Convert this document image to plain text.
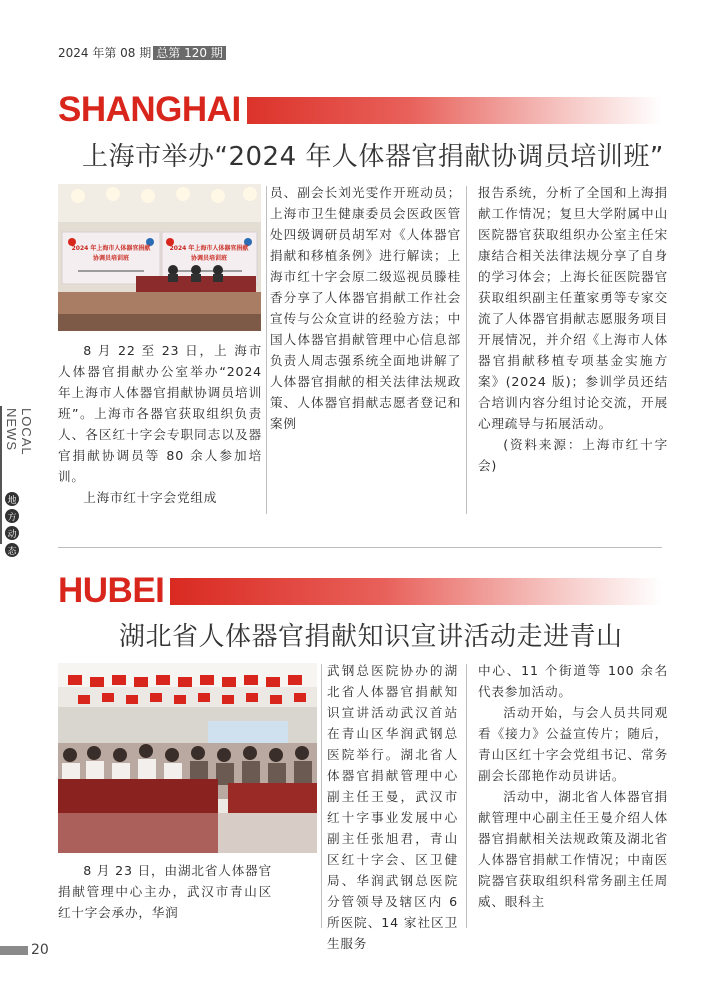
2024 年第 08 期 总第 120 期
LOCAL NEWS
地
方
动
态
SHANGHAI
上海市举办“2024 年人体器官捐献协调员培训班”
2024 年上海市人体器官捐献
协调员培训班
2024 年上海市人体器官捐献
协调员培训班

8 月 22 至 23 日，上 海市人体器官捐献办公室举办“2024 年上海市人体器官捐献协调员培训班”。上海市各器官获取组织负责人、各区红十字会专职同志以及器官捐献协调员等 80 余人参加培训。

上海市红十字会党组成

员、副会长刘光雯作开班动员；上海市卫生健康委员会医政医管处四级调研员胡军对《人体器官捐献和移植条例》进行解读；上海市红十字会原二级巡视员滕桂香分享了人体器官捐献工作社会宣传与公众宣讲的经验方法；中国人体器官捐献管理中心信息部负责人周志强系统全面地讲解了人体器官捐献的相关法律法规政策、人体器官捐献志愿者登记和案例

报告系统，分析了全国和上海捐献工作情况；复旦大学附属中山医院器官获取组织办公室主任宋康结合相关法律法规分享了自身的学习体会；上海长征医院器官获取组织副主任董家勇等专家交流了人体器官捐献志愿服务项目开展情况，并介绍《上海市人体器官捐献移植专项基金实施方案》(2024 版)；参训学员还结合培训内容分组讨论交流，开展心理疏导与拓展活动。

(资料来源：上海市红十字会)

HUBEI
湖北省人体器官捐献知识宣讲活动走进青山

8 月 23 日，由湖北省人体器官捐献管理中心主办，武汉市青山区红十字会承办，华润

武钢总医院协办的湖北省人体器官捐献知识宣讲活动武汉首站在青山区华润武钢总医院举行。湖北省人体器官捐献管理中心副主任王曼，武汉市红十字事业发展中心副主任张旭君，青山区红十字会、区卫健局、华润武钢总医院分管领导及辖区内 6 所医院、14 家社区卫生服务

中心、11 个街道等 100 余名代表参加活动。

活动开始，与会人员共同观看《接力》公益宣传片；随后，青山区红十字会党组书记、常务副会长邵艳作动员讲话。

活动中，湖北省人体器官捐献管理中心副主任王曼介绍人体器官捐献相关法规政策及湖北省人体器官捐献工作情况；中南医院器官获取组织科常务副主任周威、眼科主

20
